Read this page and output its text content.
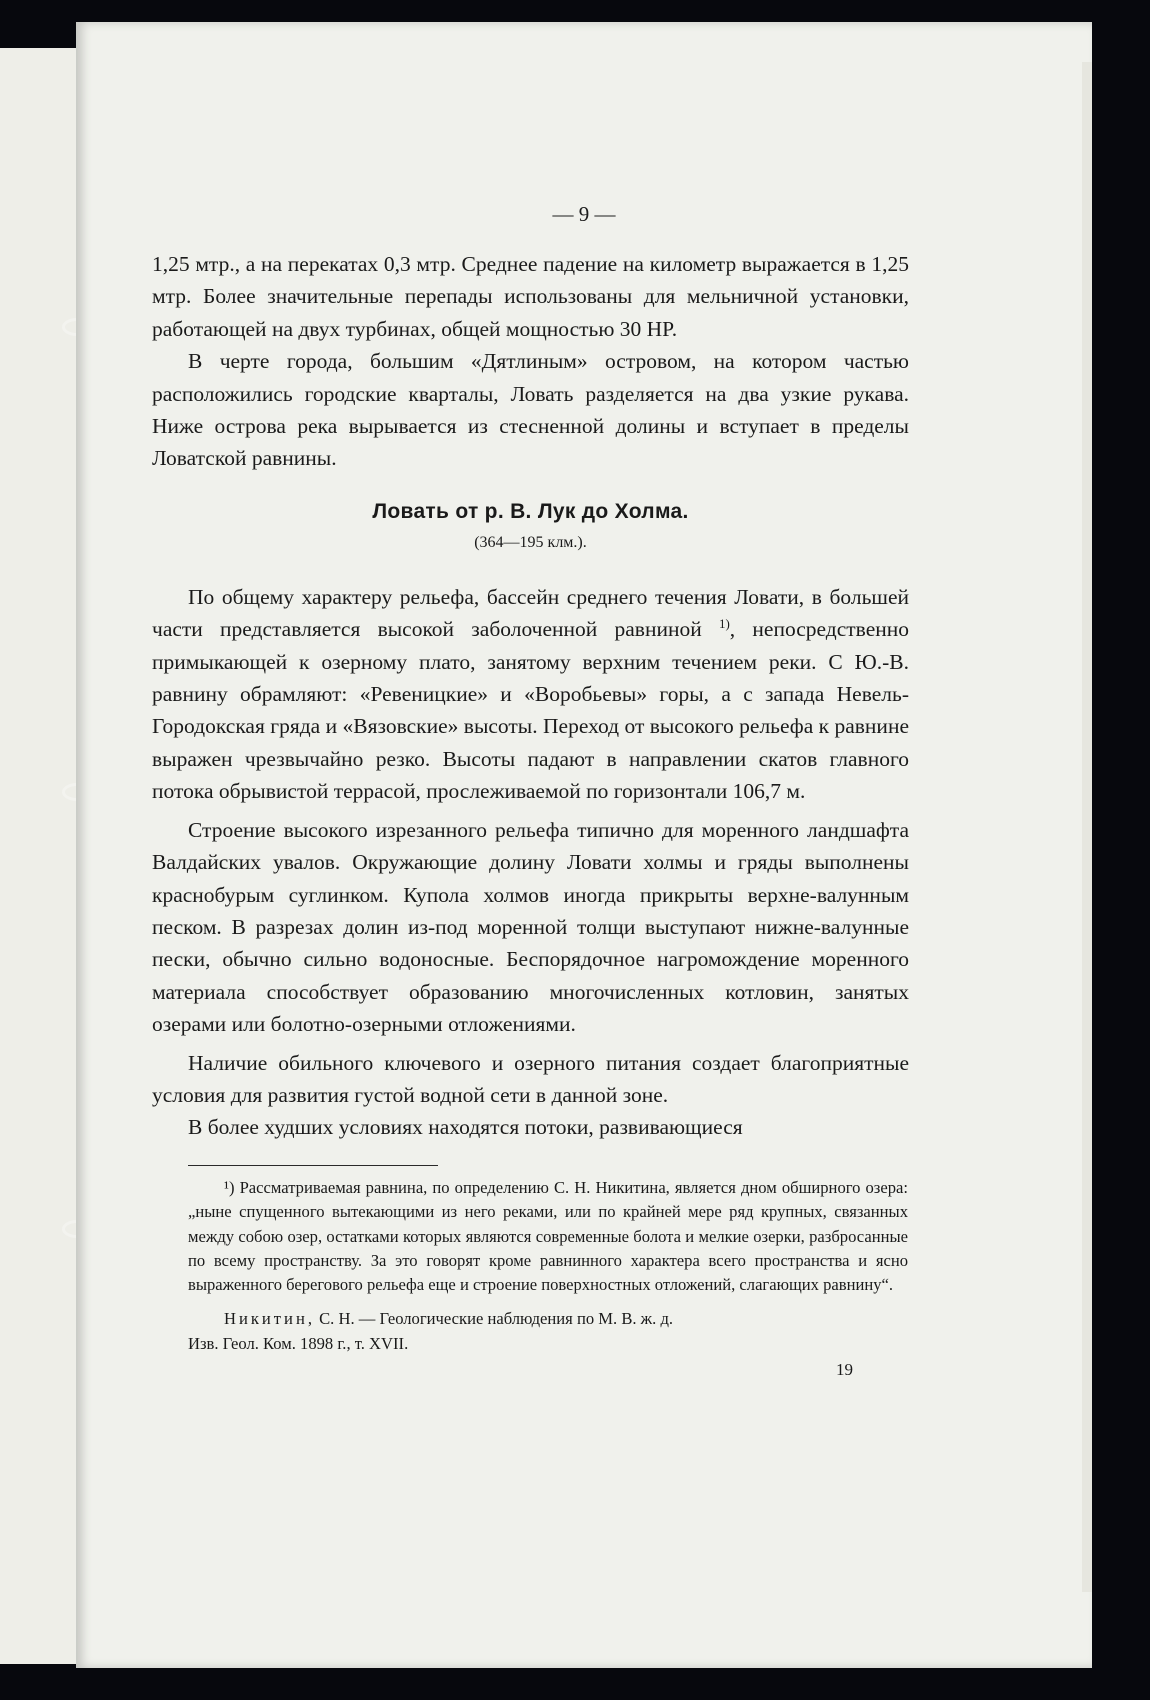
— 9 —

1,25 мтр., а на перекатах 0,3 мтр. Среднее падение на километр выражается в 1,25 мтр. Более значительные перепады использованы для мельничной установки, работающей на двух турбинах, общей мощностью 30 HP.

В черте города, большим «Дятлиным» островом, на котором частью расположились городские кварталы, Ловать разделяется на два узкие рукава. Ниже острова река вырывается из стесненной долины и вступает в пределы Ловатской равнины.

Ловать от р. В. Лук до Холма.

(364—195 клм.).

По общему характеру рельефа, бассейн среднего течения Ловати, в большей части представляется высокой заболоченной равниной $^{1)}$, непосредственно примыкающей к озерному плато, занятому верхним течением реки. С Ю.-В. равнину обрамляют: «Ревеницкие» и «Воробьевы» горы, а с запада Невель-Городокская гряда и «Вязовские» высоты. Переход от высокого рельефа к равнине выражен чрезвычайно резко. Высоты падают в направлении скатов главного потока обрывистой террасой, прослеживаемой по горизонтали 106,7 м.

Строение высокого изрезанного рельефа типично для моренного ландшафта Валдайских увалов. Окружающие долину Ловати холмы и гряды выполнены краснобурым суглинком. Купола холмов иногда прикрыты верхне-валунным песком. В разрезах долин из-под моренной толщи выступают нижне-валунные пески, обычно сильно водоносные. Беспорядочное нагромождение моренного материала способствует образованию многочисленных котловин, занятых озерами или болотно-озерными отложениями.

Наличие обильного ключевого и озерного питания создает благоприятные условия для развития густой водной сети в данной зоне.

В более худших условиях находятся потоки, развивающиеся

¹) Рассматриваемая равнина, по определению С. Н. Никитина, является дном обширного озера: „ныне спущенного вытекающими из него реками, или по крайней мере ряд крупных, связанных между собою озер, остатками которых являются современные болота и мелкие озерки, разбросанные по всему пространству. За это говорят кроме равнинного характера всего пространства и ясно выраженного берегового рельефа еще и строение поверхностных отложений, слагающих равнину“.

Никитин, С. Н. — Геологические наблюдения по М. В. ж. д.

Изв. Геол. Ком. 1898 г., т. XVII.

19
